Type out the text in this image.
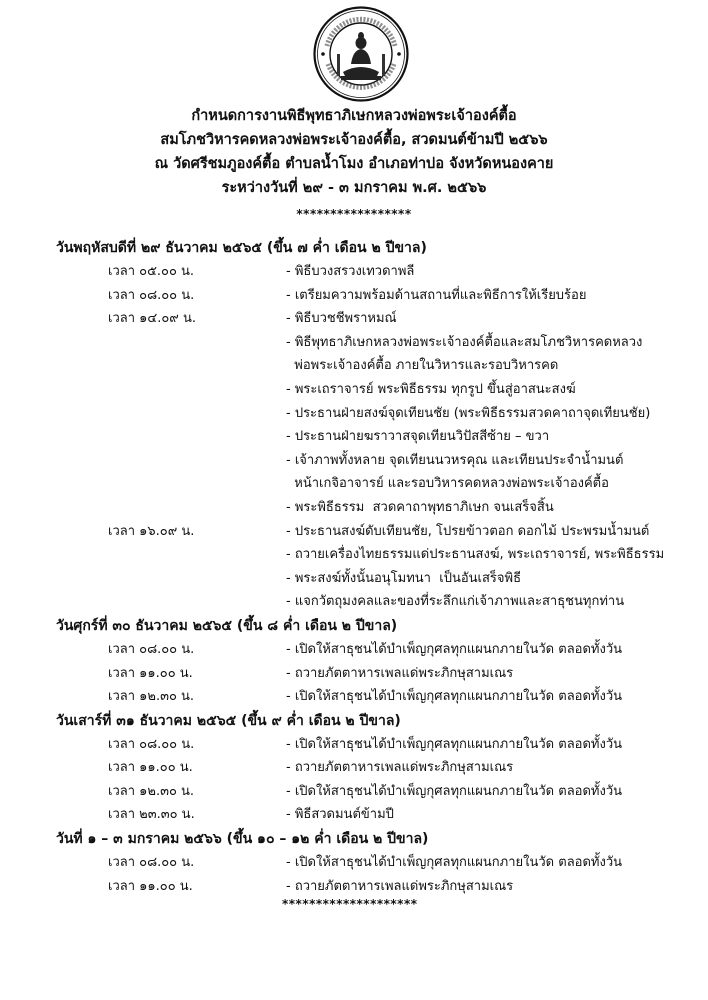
กำหนดการงานพิธีพุทธาภิเษกหลวงพ่อพระเจ้าองค์ตื้อ
สมโภชวิหารคดหลวงพ่อพระเจ้าองค์ตื้อ, สวดมนต์ข้ามปี ๒๕๖๖
ณ วัดศรีชมภูองค์ตื้อ ตำบลน้ำโมง อำเภอท่าบ่อ จังหวัดหนองคาย
ระหว่างวันที่ ๒๙ - ๓ มกราคม พ.ศ. ๒๕๖๖
*****************
วันพฤหัสบดีที่ ๒๙ ธันวาคม ๒๕๖๕ (ขึ้น ๗ ค่ำ เดือน ๒ ปีขาล)
เวลา ๐๕.๐๐ น.	- พิธีบวงสรวงเทวดาพลี
เวลา ๐๘.๐๐ น.	- เตรียมความพร้อมด้านสถานที่และพิธีการให้เรียบร้อย
เวลา ๑๔.๐๙ น.	- พิธีบวชชีพราหมณ์
- พิธีพุทธาภิเษกหลวงพ่อพระเจ้าองค์ตื้อและสมโภชวิหารคดหลวง
พ่อพระเจ้าองค์ตื้อ ภายในวิหารและรอบวิหารคด
- พระเถราจารย์ พระพิธีธรรม ทุกรูป ขึ้นสู่อาสนะสงฆ์
- ประธานฝ่ายสงฆ์จุดเทียนชัย (พระพิธีธรรมสวดคาถาจุดเทียนชัย)
- ประธานฝ่ายฆราวาสจุดเทียนวิปัสสีซ้าย – ขวา
- เจ้าภาพทั้งหลาย จุดเทียนนวหรคุณ และเทียนประจำน้ำมนต์
หน้าเกจิอาจารย์ และรอบวิหารคดหลวงพ่อพระเจ้าองค์ตื้อ
- พระพิธีธรรม  สวดคาถาพุทธาภิเษก จนเสร็จสิ้น
เวลา ๑๖.๐๙ น.	- ประธานสงฆ์ดับเทียนชัย, โปรยข้าวตอก ดอกไม้ ประพรมน้ำมนต์
- ถวายเครื่องไทยธรรมแด่ประธานสงฆ์, พระเถราจารย์, พระพิธีธรรม
- พระสงฆ์ทั้งนั้นอนุโมทนา  เป็นอันเสร็จพิธี
- แจกวัตถุมงคลและของที่ระลึกแก่เจ้าภาพและสาธุชนทุกท่าน
วันศุกร์ที่ ๓๐ ธันวาคม ๒๕๖๕ (ขึ้น ๘ ค่ำ เดือน ๒ ปีขาล)
เวลา ๐๘.๐๐ น.	- เปิดให้สาธุชนได้บำเพ็ญกุศลทุกแผนกภายในวัด ตลอดทั้งวัน
เวลา ๑๑.๐๐ น.	- ถวายภัตตาหารเพลแด่พระภิกษุสามเณร
เวลา ๑๒.๓๐ น.	- เปิดให้สาธุชนได้บำเพ็ญกุศลทุกแผนกภายในวัด ตลอดทั้งวัน
วันเสาร์ที่ ๓๑ ธันวาคม ๒๕๖๕ (ขึ้น ๙ ค่ำ เดือน ๒ ปีขาล)
เวลา ๐๘.๐๐ น.	- เปิดให้สาธุชนได้บำเพ็ญกุศลทุกแผนกภายในวัด ตลอดทั้งวัน
เวลา ๑๑.๐๐ น.	- ถวายภัตตาหารเพลแด่พระภิกษุสามเณร
เวลา ๑๒.๓๐ น.	- เปิดให้สาธุชนได้บำเพ็ญกุศลทุกแผนกภายในวัด ตลอดทั้งวัน
เวลา ๒๓.๓๐ น.	- พิธีสวดมนต์ข้ามปี
วันที่ ๑ – ๓ มกราคม ๒๕๖๖ (ขึ้น ๑๐ – ๑๒ ค่ำ เดือน ๒ ปีขาล)
เวลา ๐๘.๐๐ น.	- เปิดให้สาธุชนได้บำเพ็ญกุศลทุกแผนกภายในวัด ตลอดทั้งวัน
เวลา ๑๑.๐๐ น.	- ถวายภัตตาหารเพลแด่พระภิกษุสามเณร
********************
